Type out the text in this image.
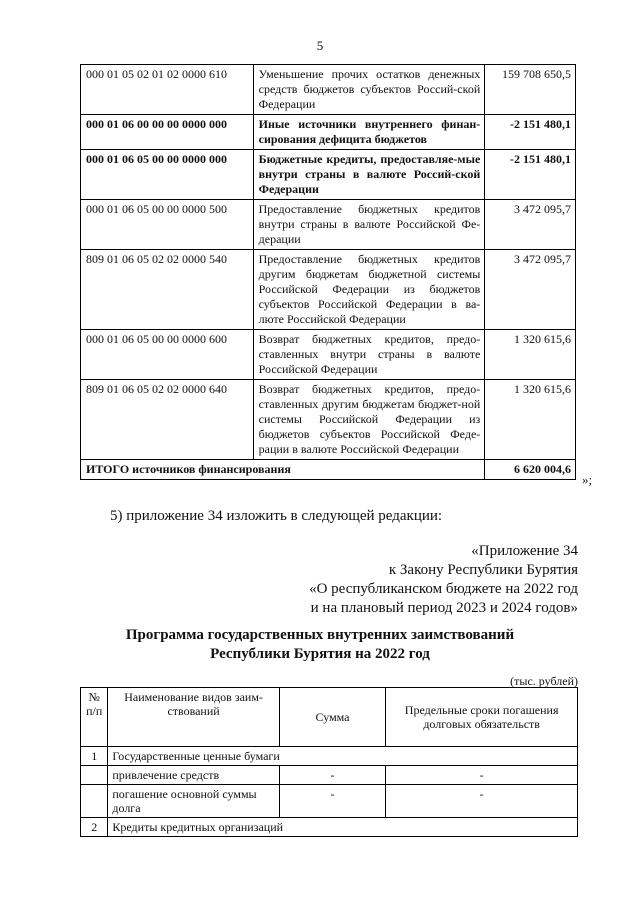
5
000 01 05 02 01 02 0000 610	Уменьшение прочих остатков денежных средств бюджетов субъектов Россий-ской Федерации	159 708 650,5
000 01 06 00 00 00 0000 000	Иные источники внутреннего финан-сирования дефицита бюджетов	-2 151 480,1
000 01 06 05 00 00 0000 000	Бюджетные кредиты, предоставляе-мые внутри страны в валюте Россий-ской Федерации	-2 151 480,1
000 01 06 05 00 00 0000 500	Предоставление бюджетных кредитов внутри страны в валюте Российской Фе-дерации	3 472 095,7
809 01 06 05 02 02 0000 540	Предоставление бюджетных кредитов другим бюджетам бюджетной системы Российской Федерации из бюджетов субъектов Российской Федерации в ва-люте Российской Федерации	3 472 095,7
000 01 06 05 00 00 0000 600	Возврат бюджетных кредитов, предо-ставленных внутри страны в валюте Российской Федерации	1 320 615,6
809 01 06 05 02 02 0000 640	Возврат бюджетных кредитов, предо-ставленных другим бюджетам бюджет-ной системы Российской Федерации из бюджетов субъектов Российской Феде-рации в валюте Российской Федерации	1 320 615,6
ИТОГО источников финансирования		6 620 004,6
»;
5) приложение 34 изложить в следующей редакции:
«Приложение 34
к Закону Республики Бурятия
«О республиканском бюджете на 2022 год
и на плановый период 2023 и 2024 годов»
Программа государственных внутренних заимствований
Республики Бурятия на 2022 год
(тыс. рублей)
№ п/п	Наименование видов заим-ствований	Сумма	Предельные сроки погашения долговых обязательств
1	Государственные ценные бумаги		
	привлечение средств	-	-
	погашение основной суммы долга	-	-
2	Кредиты кредитных организаций		
